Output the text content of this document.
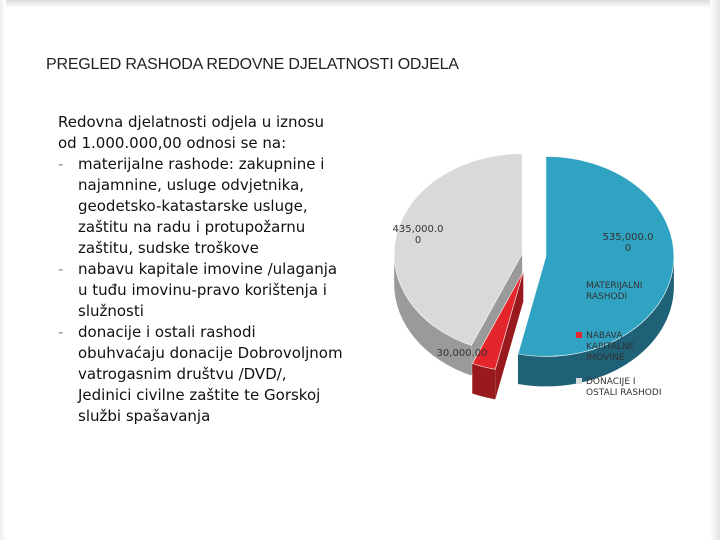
PREGLED RASHODA REDOVNE DJELATNOSTI ODJELA

Redovna djelatnosti odjela u iznosu

od 1.000.000,00 odnosi se na:

- materijalne rashode: zakupnine i
najamnine, usluge odvjetnika,
geodetsko-katastarske usluge,
zaštitu na radu i protupožarnu
zaštitu, sudske troškove
- nabavu kapitale imovine /ulaganja
u tuđu imovinu-pravo korištenja i
služnosti
- donacije i ostali rashodi
obuhvaćaju donacije Dobrovoljnom
vatrogasnim društvu /DVD/,
Jedinici civilne zaštite te Gorskoj
službi spašavanja
535,000.0 0
30,000.00
435,000.0 0
MATERIJALNI RASHODI
NABAVA KAPITALNE IMOVINE
DONACIJE I OSTALI RASHODI
